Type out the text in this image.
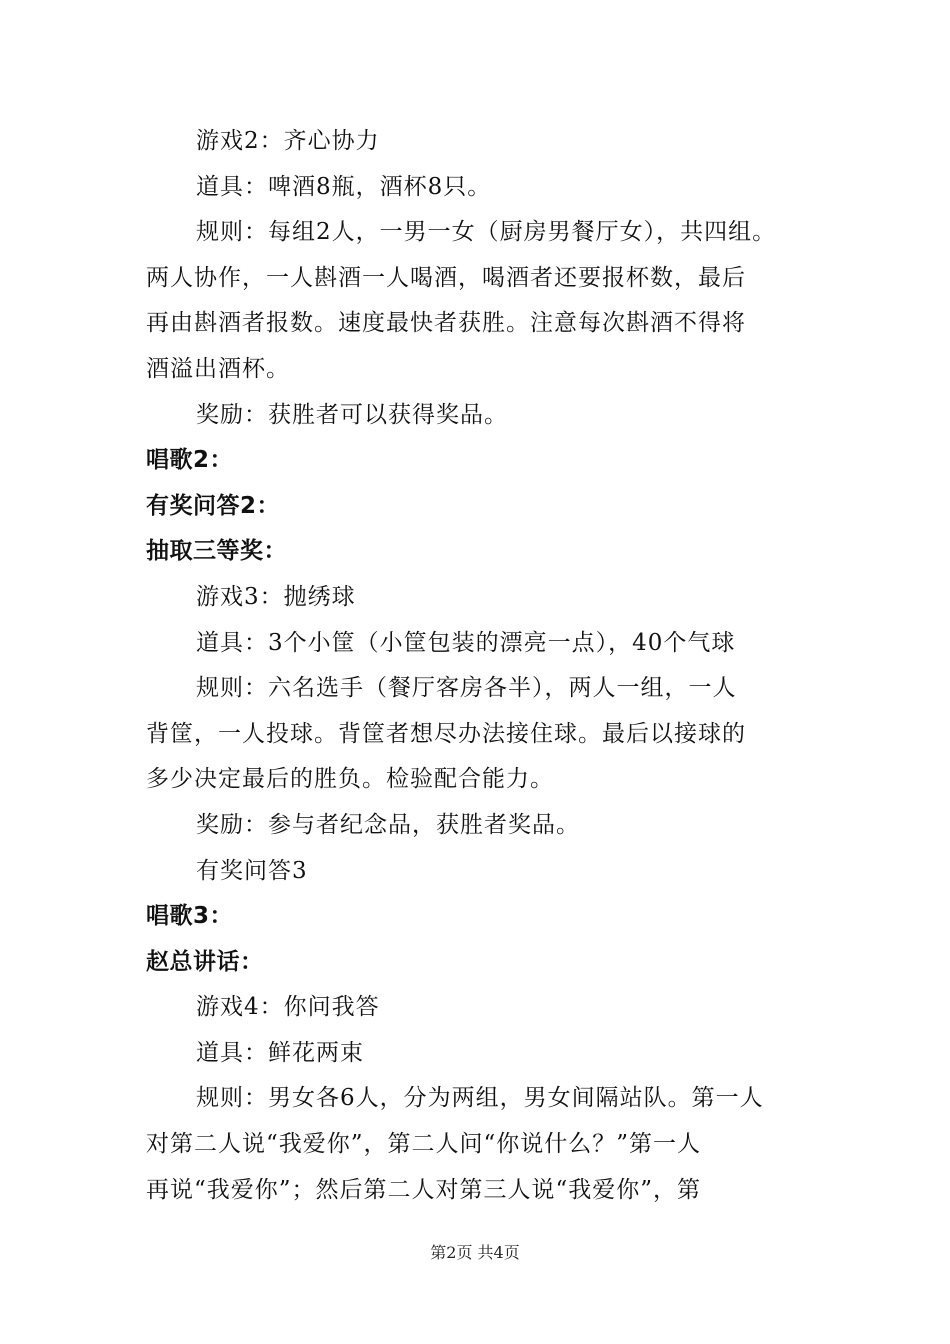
游戏2：齐心协力
道具：啤酒8瓶，酒杯8只。
规则：每组2人，一男一女（厨房男餐厅女），共四组。
两人协作，一人斟酒一人喝酒，喝酒者还要报杯数，最后
再由斟酒者报数。速度最快者获胜。注意每次斟酒不得将
酒溢出酒杯。
奖励：获胜者可以获得奖品。
唱歌2：
有奖问答2：
抽取三等奖：
游戏3：抛绣球
道具：3个小筐（小筐包装的漂亮一点），40个气球
规则：六名选手（餐厅客房各半），两人一组，一人
背筐，一人投球。背筐者想尽办法接住球。最后以接球的
多少决定最后的胜负。检验配合能力。
奖励：参与者纪念品，获胜者奖品。
有奖问答3
唱歌3：
赵总讲话：
游戏4：你问我答
道具：鲜花两束
规则：男女各6人，分为两组，男女间隔站队。第一人
对第二人说“我爱你”，第二人问“你说什么？”第一人
再说“我爱你”；然后第二人对第三人说“我爱你”，第
第2页 共4页
